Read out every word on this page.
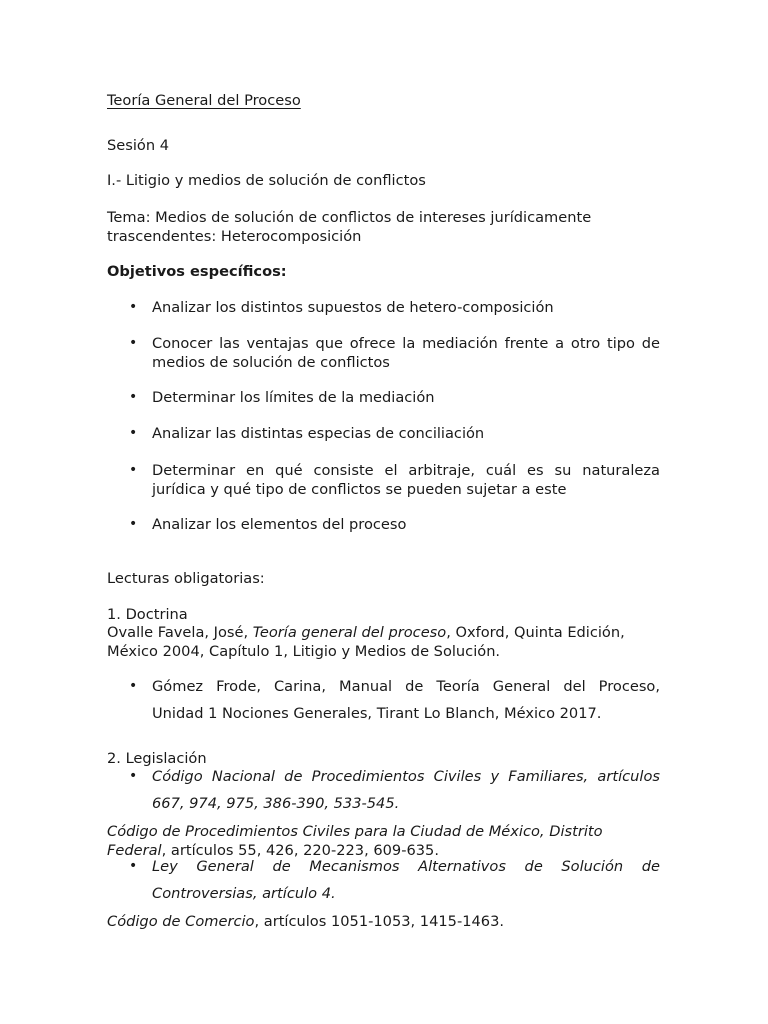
Teoría General del Proceso
Sesión 4
I.- Litigio y medios de solución de conflictos
Tema: Medios de solución de conflictos de intereses jurídicamente trascendentes: Heterocomposición
Objetivos específicos:
• Analizar los distintos supuestos de hetero-composición
• Conocer las ventajas que ofrece la mediación frente a otro tipo de medios de solución de conflictos
• Determinar los límites de la mediación
• Analizar las distintas especias de conciliación
• Determinar en qué consiste el arbitraje, cuál es su naturaleza jurídica y qué tipo de conflictos se pueden sujetar a este
• Analizar los elementos del proceso
Lecturas obligatorias:
1. Doctrina
Ovalle Favela, José, Teoría general del proceso, Oxford, Quinta Edición, México 2004, Capítulo 1, Litigio y Medios de Solución.
• Gómez Frode, Carina, Manual de Teoría General del Proceso,
Unidad 1 Nociones Generales, Tirant Lo Blanch, México 2017.
2. Legislación
• Código Nacional de Procedimientos Civiles y Familiares, artículos
667, 974, 975, 386-390, 533-545.
Código de Procedimientos Civiles para la Ciudad de México, Distrito Federal, artículos 55, 426, 220-223, 609-635.
• Ley General de Mecanismos Alternativos de Solución de
Controversias, artículo 4.
Código de Comercio, artículos 1051-1053, 1415-1463.
